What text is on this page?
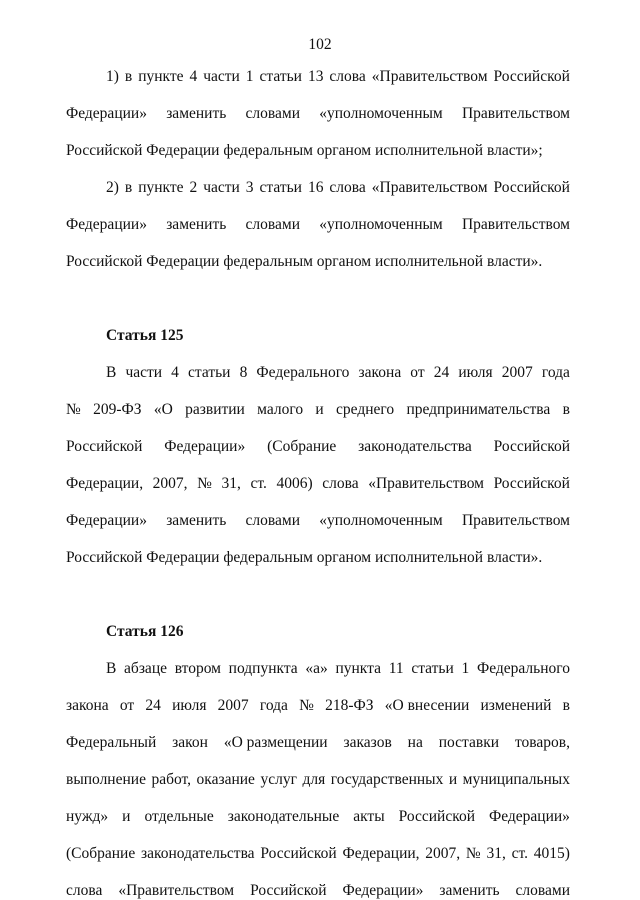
102
1) в пункте 4 части 1 статьи 13 слова «Правительством Российской
Федерации» заменить словами «уполномоченным Правительством
Российской Федерации федеральным органом исполнительной власти»;
2) в пункте 2 части 3 статьи 16 слова «Правительством Российской
Федерации» заменить словами «уполномоченным Правительством
Российской Федерации федеральным органом исполнительной власти».
Статья 125
В части 4 статьи 8 Федерального закона от 24 июля 2007 года
№ 209-ФЗ «О развитии малого и среднего предпринимательства в
Российской Федерации» (Собрание законодательства Российской
Федерации, 2007, № 31, ст. 4006) слова «Правительством Российской
Федерации» заменить словами «уполномоченным Правительством
Российской Федерации федеральным органом исполнительной власти».
Статья 126
В абзаце втором подпункта «а» пункта 11 статьи 1 Федерального
закона от 24 июля 2007 года № 218-ФЗ «О внесении изменений в
Федеральный закон «О размещении заказов на поставки товаров,
выполнение работ, оказание услуг для государственных и муниципальных
нужд» и отдельные законодательные акты Российской Федерации»
(Собрание законодательства Российской Федерации, 2007, № 31, ст. 4015)
слова «Правительством Российской Федерации» заменить словами
